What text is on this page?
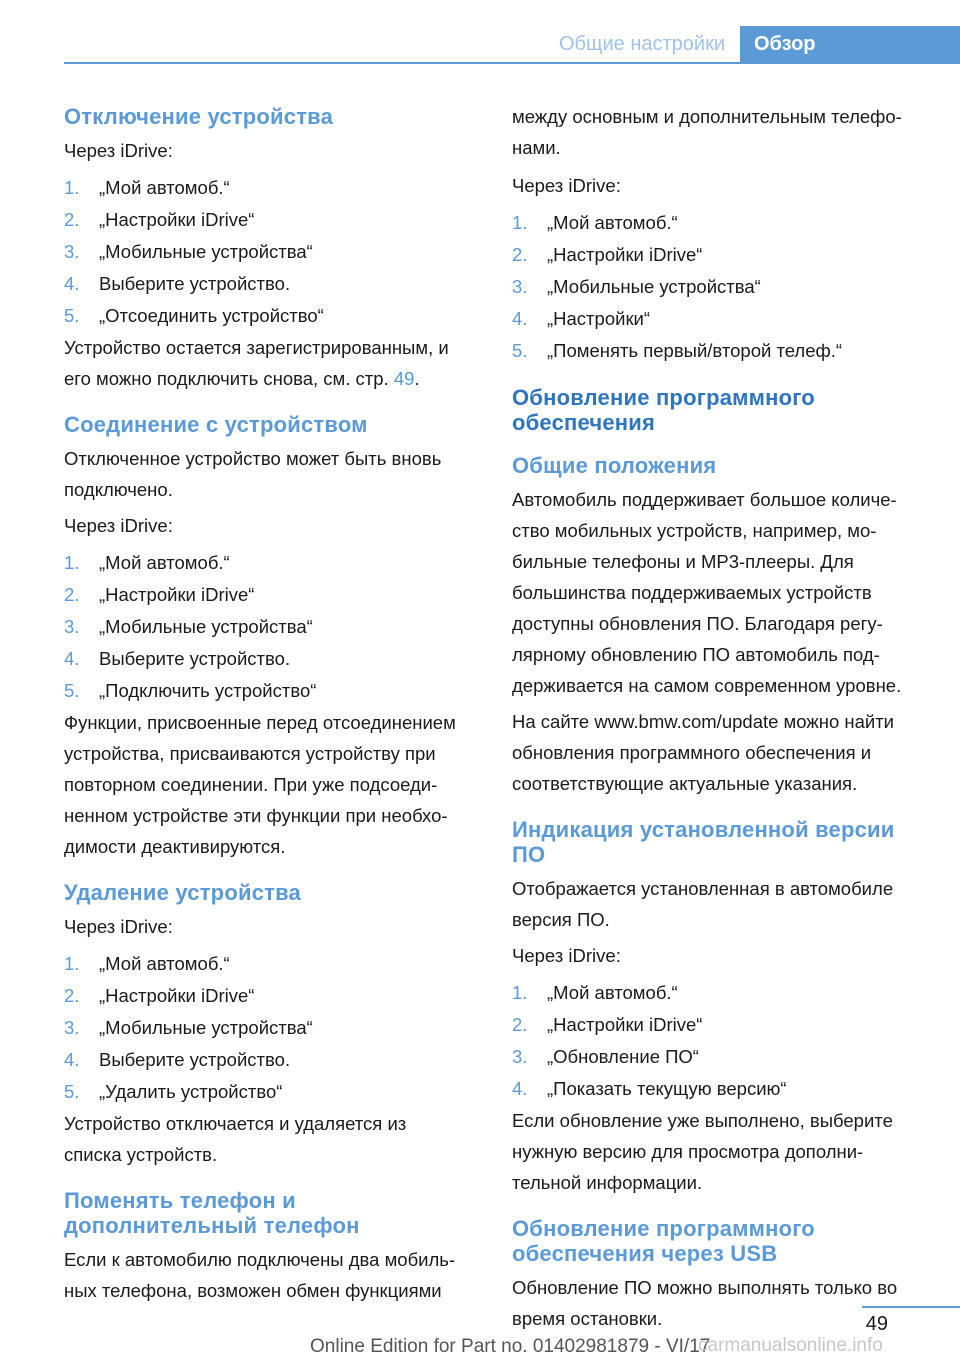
Общие настройки	Обзор
Отключение устройства

Через iDrive:

1. „Мой автомоб.“
2. „Настройки iDrive“
3. „Мобильные устройства“
4. Выберите устройство.
5. „Отсоединить устройство“

Устройство остается зарегистрированным, и
его можно подключить снова, см. стр. 49.

Соединение с устройством

Отключенное устройство может быть вновь
подключено.

Через iDrive:

1. „Мой автомоб.“
2. „Настройки iDrive“
3. „Мобильные устройства“
4. Выберите устройство.
5. „Подключить устройство“

Функции, присвоенные перед отсоединением
устройства, присваиваются устройству при
повторном соединении. При уже подсоеди-
ненном устройстве эти функции при необхо-
димости деактивируются.

Удаление устройства

Через iDrive:

1. „Мой автомоб.“
2. „Настройки iDrive“
3. „Мобильные устройства“
4. Выберите устройство.
5. „Удалить устройство“

Устройство отключается и удаляется из
списка устройств.

Поменять телефон и
дополнительный телефон

Если к автомобилю подключены два мобиль-
ных телефона, возможен обмен функциями

между основным и дополнительным телефо-
нами.

Через iDrive:

1. „Мой автомоб.“
2. „Настройки iDrive“
3. „Мобильные устройства“
4. „Настройки“
5. „Поменять первый/второй телеф.“
Обновление программного
обеспечения
Общие положения

Автомобиль поддерживает большое количе-
ство мобильных устройств, например, мо-
бильные телефоны и МР3-плееры. Для
большинства поддерживаемых устройств
доступны обновления ПО. Благодаря регу-
лярному обновлению ПО автомобиль под-
держивается на самом современном уровне.

На сайте www.bmw.com/update можно найти
обновления программного обеспечения и
соответствующие актуальные указания.

Индикация установленной версии
ПО

Отображается установленная в автомобиле
версия ПО.

Через iDrive:

1. „Мой автомоб.“
2. „Настройки iDrive“
3. „Обновление ПО“
4. „Показать текущую версию“

Если обновление уже выполнено, выберите
нужную версию для просмотра дополни-
тельной информации.

Обновление программного
обеспечения через USB

Обновление ПО можно выполнять только во
время остановки.	49
Online Edition for Part no. 01402981879 - VI/17
carmanualsonline.info
